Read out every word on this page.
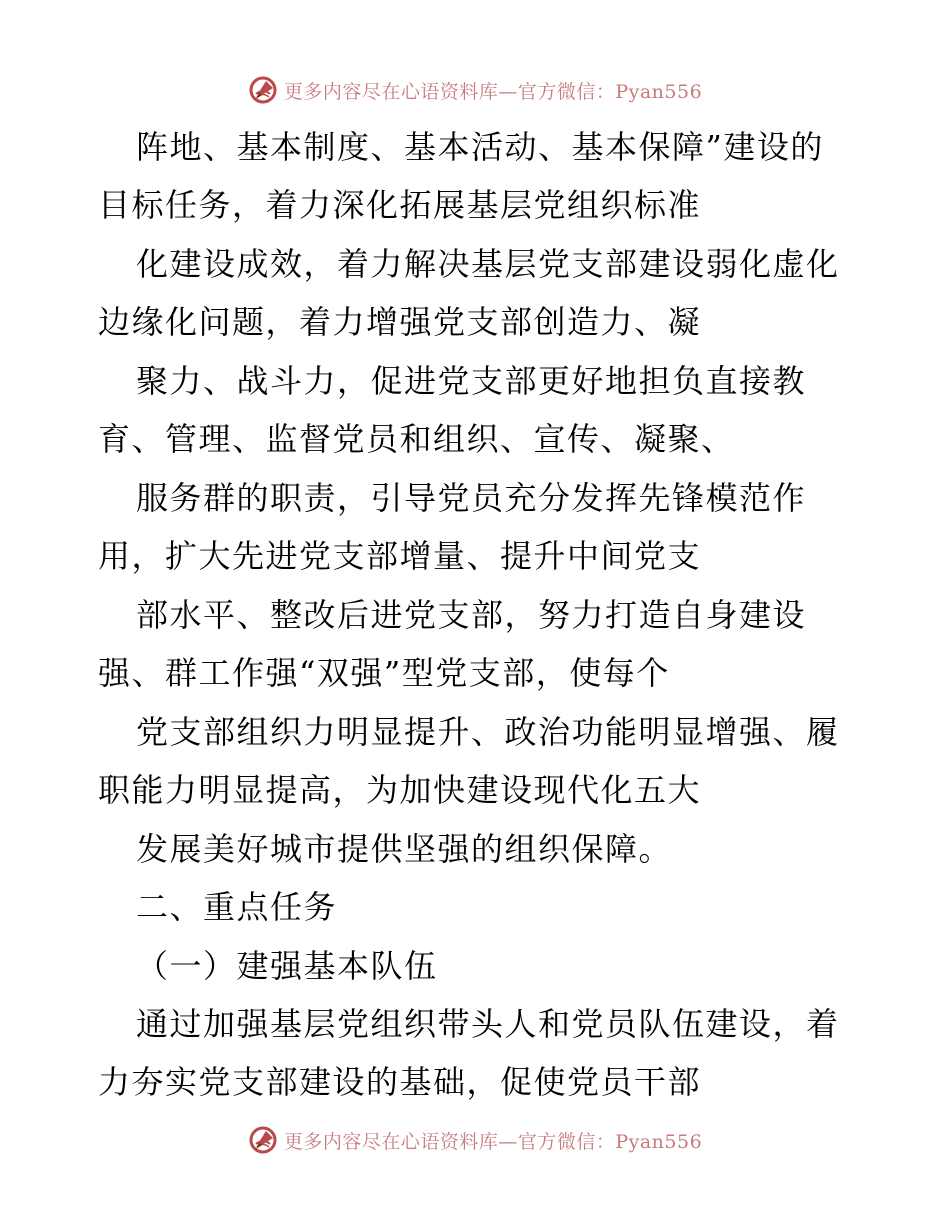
更多内容尽在心语资料库—官方微信：Pyan556
阵地、基本制度、基本活动、基本保障”建设的
目标任务，着力深化拓展基层党组织标准
化建设成效，着力解决基层党支部建设弱化虚化
边缘化问题，着力增强党支部创造力、凝
聚力、战斗力，促进党支部更好地担负直接教
育、管理、监督党员和组织、宣传、凝聚、
服务群的职责，引导党员充分发挥先锋模范作
用，扩大先进党支部增量、提升中间党支
部水平、整改后进党支部，努力打造自身建设
强、群工作强“双强”型党支部，使每个
党支部组织力明显提升、政治功能明显增强、履
职能力明显提高，为加快建设现代化五大
发展美好城市提供坚强的组织保障。
二、重点任务
（一）建强基本队伍
通过加强基层党组织带头人和党员队伍建设，着
力夯实党支部建设的基础，促使党员干部
更多内容尽在心语资料库—官方微信：Pyan556
